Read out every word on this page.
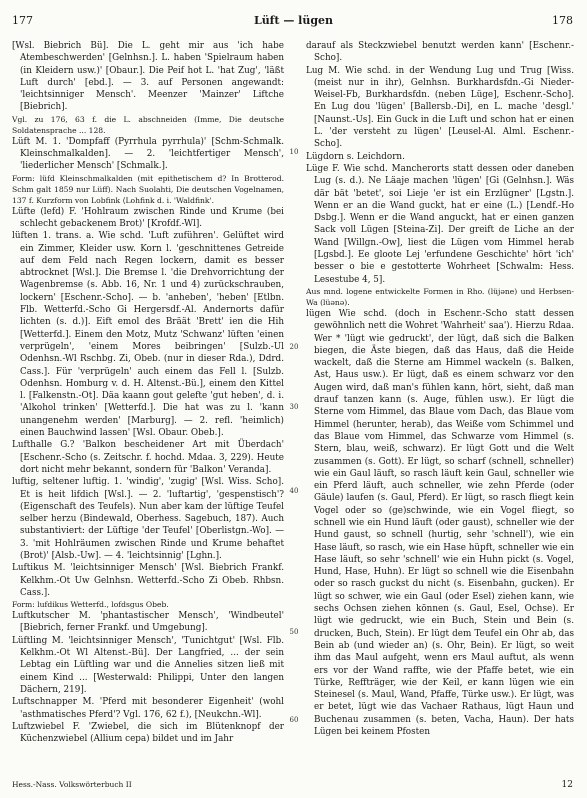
177	Lüft — lügen	178

[Wsl. Biebrich Bü]. Die L. geht mir aus 'ich habe Atembeschwerden' [Gelnhsn.]. L. haben 'Spielraum haben (in Kleidern usw.)' [Obaur.]. Die Peif hot L. 'hat Zug', 'läßt Luft durch' [ebd.]. — 3. auf Personen angewandt: 'leichtsinniger Mensch'. Meenzer 'Mainzer' Liftche [Biebrich].

Vgl. zu 176, 63 f. die L. abschneiden (Imme, Die deutsche Soldatensprache ... 128.

Lüft M. 1. 'Dompfaff (Pyrrhula pyrrhula)' [Schm-Schmalk. Kleinschmalkalden]. — 2. 'leichtfertiger Mensch', 'liederlicher Mensch' [Schmalk.].

Form: lüfd Kleinschmalkalden (mit epithetischem d? In Brotterod. Schm galt 1859 nur Lüff). Nach Suolahti, Die deutschen Vogelnamen, 137 f. Kurzform von Lobfink ⟨Lohfink d. i. 'Waldfink'.

Lüfte (lefd) F. 'Hohlraum zwischen Rinde und Krume (bei schlecht gebackenem Brot)' [Krofdf.-Wl].

lüften 1. trans. a. Wie schd. 'Luft zuführen'. Gelüftet wird ein Zimmer, Kleider usw. Korn l. 'geschnittenes Getreide auf dem Feld nach Regen lockern, damit es besser abtrocknet [Wsl.]. Die Bremse l. 'die Drehvorrichtung der Wagenbremse (s. Abb. 16, Nr. 1 und 4) zurückschrauben, lockern' [Eschenr.-Scho]. — b. 'anheben', 'heben' [Etlbn. Flb. Wetterfd.-Scho Gi Hergersdf.-Al. Andernorts dafür lichten (s. d.)]. Eift emol des Bräät 'Brett' ien die Hih [Wetterfd.]. Einem den Motz, Mutz 'Schwanz' lüften 'einen verprügeln', 'einem Mores beibringen' [Sulzb.-Ul Odenhsn.-Wl Rschbg. Zi, Obeb. (nur in dieser Rda.), Ddrd. Cass.]. Für 'verprügeln' auch einem das Fell l. [Sulzb. Odenhsn. Homburg v. d. H. Altenst.-Bü.], einem den Kittel l. [Falkenstn.-Ot]. Däa kaann gout gelefte 'gut heben', d. i. 'Alkohol trinken' [Wetterfd.]. Die hat was zu l. 'kann unangenehm werden' [Marburg]. — 2. refl. 'heimlich) einen Bauchwind lassen' [Wsl. Obaur. Obeb.].

Lufthalle G.? 'Balkon bescheidener Art mit Überdach' [Eschenr.-Scho (s. Zeitschr. f. hochd. Mdaa. 3, 229). Heute dort nicht mehr bekannt, sondern für 'Balkon' Veranda].

luftig, seltener luftig. 1. 'windig', 'zugig' [Wsl. Wiss. Scho]. Et is heit lifdich [Wsl.]. — 2. 'luftartig', 'gespenstisch'? (Eigenschaft des Teufels). Nun aber kam der lüftige Teufel selber herzu (Bindewald, Oberhess. Sagebuch, 187). Auch substantiviert: der Lüftige 'der Teufel' [Oberlistgn.-Wo]. — 3. 'mit Hohlräumen zwischen Rinde und Krume behaftet (Brot)' [Alsb.-Uw]. — 4. 'leichtsinnig' [Lghn.].

Luftikus M. 'leichtsinniger Mensch' [Wsl. Biebrich Frankf. Kelkhm.-Ot Uw Gelnhsn. Wetterfd.-Scho Zi Obeb. Rhbsn. Cass.].

Form: lufdikus Wetterfd., lofdsgus Obeb.

Luftkutscher M. 'phantastischer Mensch', 'Windbeutel' [Biebrich, ferner Frankf. und Umgebung].

Lüftling M. 'leichtsinniger Mensch', 'Tunichtgut' [Wsl. Flb. Kelkhm.-Ot Wl Altenst.-Bü]. Der Langfried, ... der sein Lebtag ein Lüftling war und die Annelies sitzen ließ mit einem Kind ... [Westerwald: Philippi, Unter den langen Dächern, 219].

Luftschnapper M. 'Pferd mit besonderer Eigenheit' (wohl 'asthmatisches Pferd'? Vgl. 176, 62 f.), [Neukchn.-Wl].

Luftzwiebel F. 'Zwiebel, die sich im Blütenknopf der Küchenzwiebel (Allium cepa) bildet und im Jahr

10
20
30
40
50
60

darauf als Steckzwiebel benutzt werden kann' [Eschenr.-Scho].

Lug M. Wie schd. in der Wendung Lug und Trug [Wiss. (meist nur in ihr), Gelnhsn. Burkhardsfdn.-Gi Nieder-Weisel-Fb, Burkhardsfdn. (neben Lüge], Eschenr.-Scho]. En Lug dou 'lügen' [Ballersb.-Di], en L. mache 'desgl.' [Naunst.-Us]. Ein Guck in die Luft und schon hat er einen L. 'der versteht zu lügen' [Leusel-Al. Alml. Eschenr.-Scho].

Lügdorn s. Leichdorn.

Lüge F. Wie schd. Mancherorts statt dessen oder daneben Lug (s. d.). Ne Läaje machen 'lügen' [Gi (Gelnhsn.]. Wäs där bät 'betet', soi Lieje 'er ist ein Erzlügner' [Lgstn.]. Wenn er an die Wand guckt, hat er eine (L.) [Lendf.-Ho Dsbg.]. Wenn er die Wand anguckt, hat er einen ganzen Sack voll Lügen [Steina-Zi]. Der greift de Liche an der Wand [Willgn.-Ow], liest die Lügen vom Himmel herab [Lgsbd.]. Ee gloote Lej 'erfundene Geschichte' hört 'ich' besser o bie e gestotterte Wohrheet [Schwalm: Hess. Lesestube 4, 5].

Aus mnd. logene entwickelte Formen in Rho. (lüjəne) und Herbsen-Wa (lüənə).

lügen Wie schd. (doch in Eschenr.-Scho statt dessen gewöhnlich nett die Wohret 'Wahrheit' saa'). Hierzu Rdaa. Wer * 'lügt wie gedruckt', der lügt, daß sich die Balken biegen, die Äste biegen, daß das Haus, daß die Heide wackelt, daß die Sterne am Himmel wackeln (s. Balken, Ast, Haus usw.). Er lügt, daß es einem schwarz vor den Augen wird, daß man's fühlen kann, hört, sieht, daß man drauf tanzen kann (s. Auge, fühlen usw.). Er lügt die Sterne vom Himmel, das Blaue vom Dach, das Blaue vom Himmel (herunter, herab), das Weiße vom Schimmel und das Blaue vom Himmel, das Schwarze vom Himmel (s. Stern, blau, weiß, schwarz). Er lügt Gott und die Welt zusammen (s. Gott). Er lügt, so scharf (schnell, schneller) wie ein Gaul läuft, so rasch läuft kein Gaul, schneller wie ein Pferd läuft, auch schneller, wie zehn Pferde (oder Gäule) laufen (s. Gaul, Pferd). Er lügt, so rasch fliegt kein Vogel oder so (ge)schwinde, wie ein Vogel fliegt, so schnell wie ein Hund läuft (oder gaust), schneller wie der Hund gaust, so schnell (hurtig, sehr 'schnell'), wie ein Hase läuft, so rasch, wie ein Hase hüpft, schneller wie ein Hase läuft, so sehr 'schnell' wie ein Huhn pickt (s. Vogel, Hund, Hase, Huhn). Er lügt so schnell wie die Eisenbahn oder so rasch guckst du nicht (s. Eisenbahn, gucken). Er lügt so schwer, wie ein Gaul (oder Esel) ziehen kann, wie sechs Ochsen ziehen können (s. Gaul, Esel, Ochse). Er lügt wie gedruckt, wie ein Buch, Stein und Bein (s. drucken, Buch, Stein). Er lügt dem Teufel ein Ohr ab, das Bein ab (und wieder an) (s. Ohr, Bein). Er lügt, so weit ihm das Maul aufgeht, wenn ers Maul auftut, als wenn ers vor der Wand raffte, wie der Pfaffe betet, wie ein Türke, Reffträger, wie der Keil, er kann lügen wie ein Steinesel (s. Maul, Wand, Pfaffe, Türke usw.). Er lügt, was er betet, lügt wie das Vachaer Rathaus, lügt Haun und Buchenau zusammen (s. beten, Vacha, Haun). Der hats Lügen bei keinem Pfosten

Hess.-Nass. Volkswörterbuch II	12
